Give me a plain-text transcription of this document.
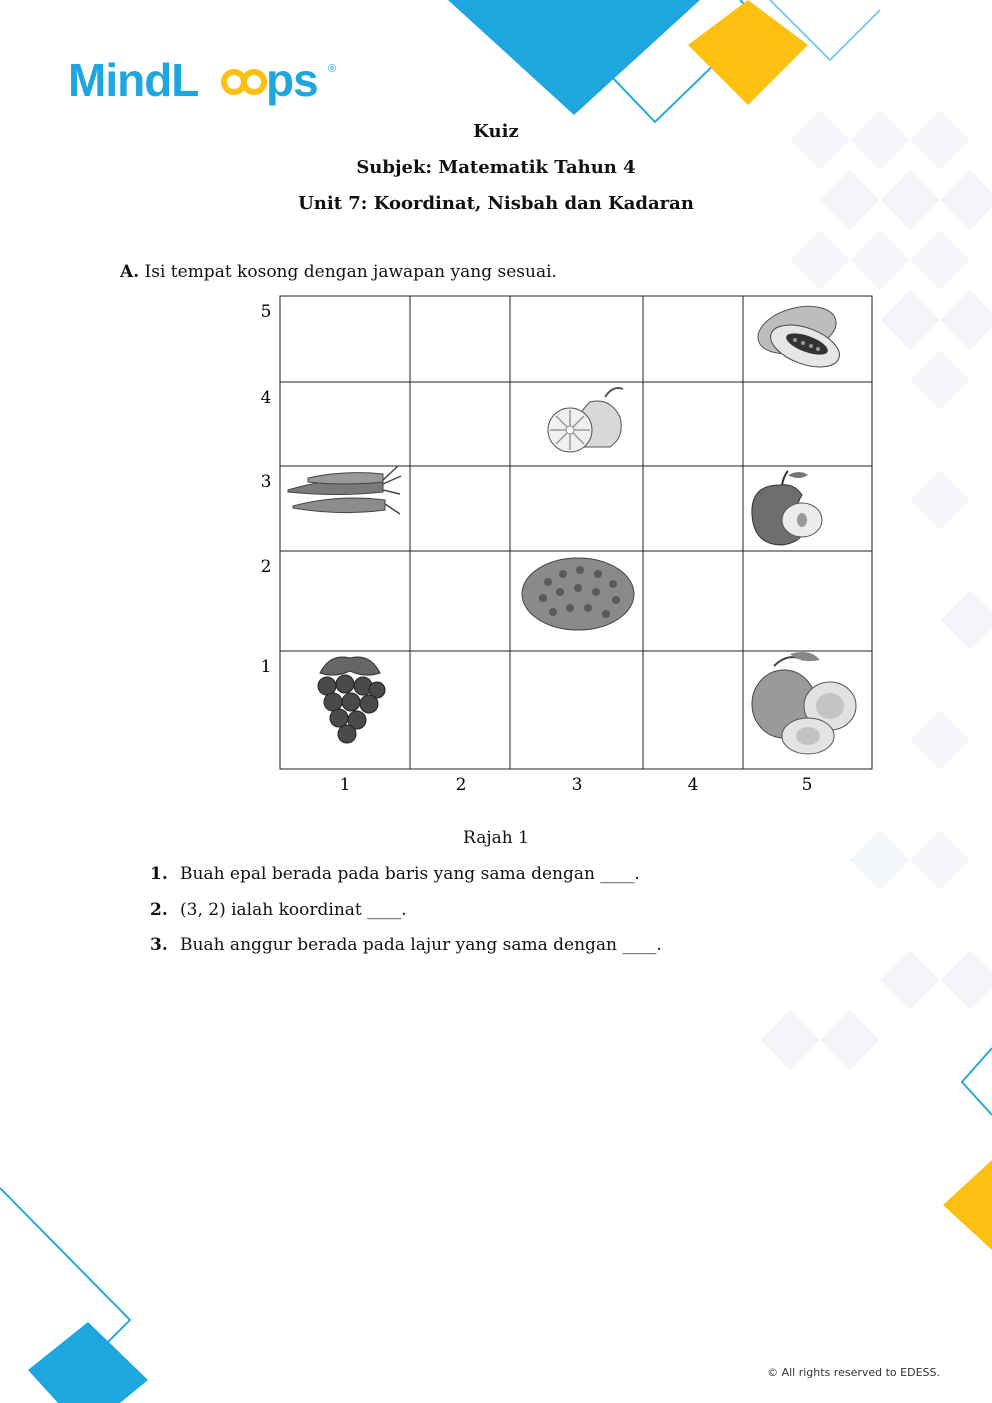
MindL ps ®
Kuiz
Subjek: Matematik Tahun 4
Unit 7: Koordinat, Nisbah dan Kadaran
A. Isi tempat kosong dengan jawapan yang sesuai.
5
4
3
2
1
1	2	3	4	5
Rajah 1
1. Buah epal berada pada baris yang sama dengan ____.
2. (3, 2) ialah koordinat ____.
3. Buah anggur berada pada lajur yang sama dengan ____.
© All rights reserved to EDESS.
